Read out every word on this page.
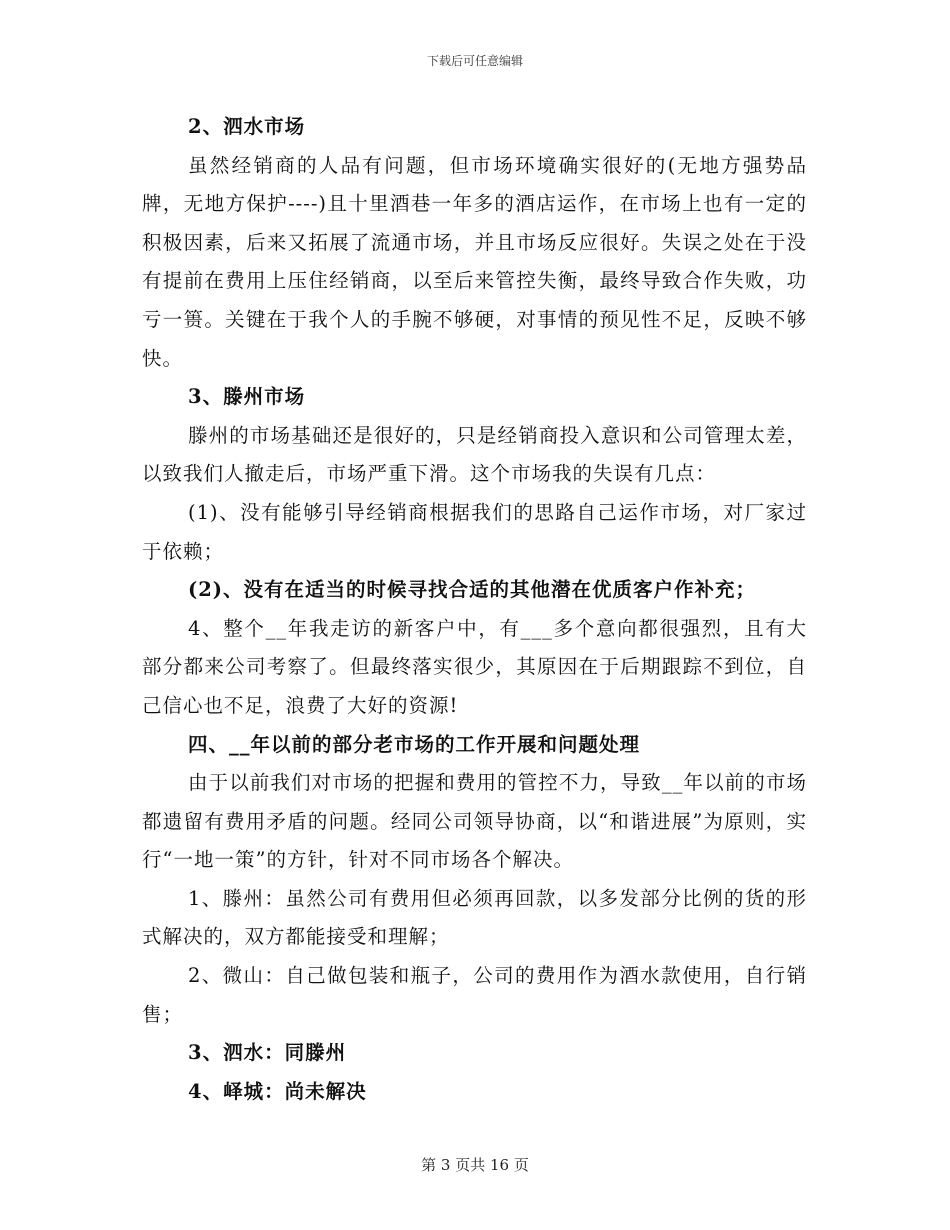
下载后可任意编辑

2、泗水市场

虽然经销商的人品有问题，但市场环境确实很好的(无地方强势品牌，无地方保护----)且十里酒巷一年多的酒店运作，在市场上也有一定的积极因素，后来又拓展了流通市场，并且市场反应很好。失误之处在于没有提前在费用上压住经销商，以至后来管控失衡，最终导致合作失败，功亏一篑。关键在于我个人的手腕不够硬，对事情的预见性不足，反映不够快。

3、滕州市场

滕州的市场基础还是很好的，只是经销商投入意识和公司管理太差，以致我们人撤走后，市场严重下滑。这个市场我的失误有几点：

(1)、没有能够引导经销商根据我们的思路自己运作市场，对厂家过于依赖；

(2)、没有在适当的时候寻找合适的其他潜在优质客户作补充；

4、整个__年我走访的新客户中，有___多个意向都很强烈，且有大部分都来公司考察了。但最终落实很少，其原因在于后期跟踪不到位，自己信心也不足，浪费了大好的资源!

四、__年以前的部分老市场的工作开展和问题处理

由于以前我们对市场的把握和费用的管控不力，导致__年以前的市场都遗留有费用矛盾的问题。经同公司领导协商，以“和谐进展”为原则，实行“一地一策”的方针，针对不同市场各个解决。

1、滕州：虽然公司有费用但必须再回款，以多发部分比例的货的形式解决的，双方都能接受和理解；

2、微山：自己做包装和瓶子，公司的费用作为酒水款使用，自行销售；

3、泗水：同滕州

4、峄城：尚未解决

第 3 页共 16 页
